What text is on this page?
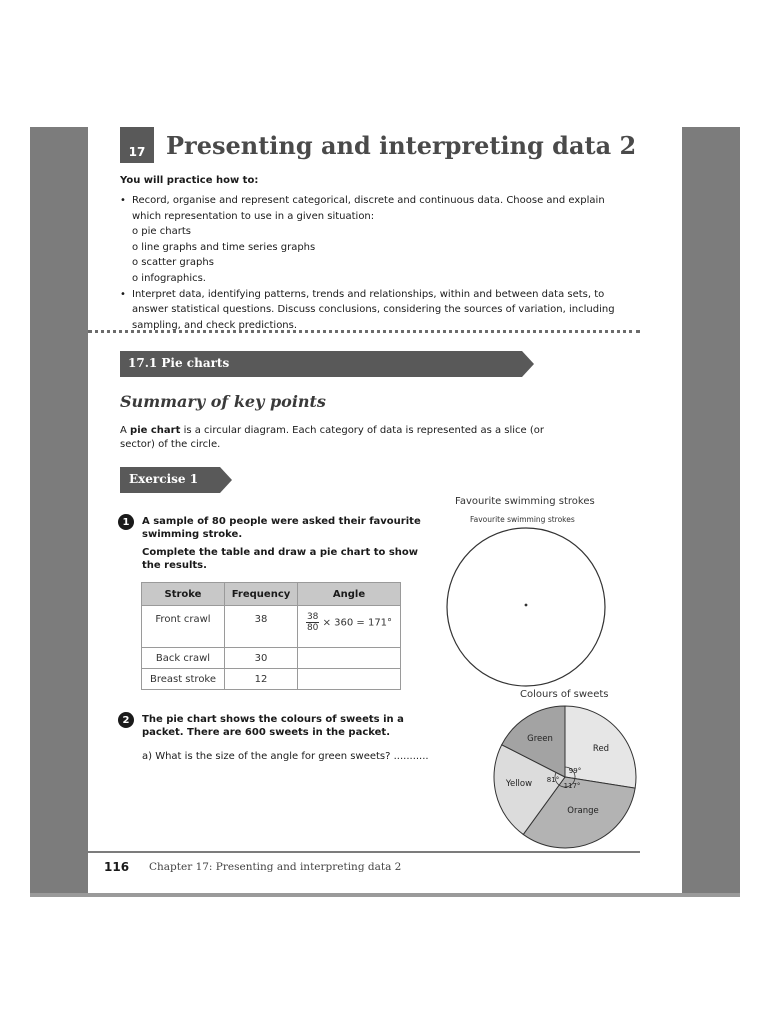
17 Presenting and interpreting data 2
You will practice how to:
• Record, organise and represent categorical, discrete and continuous data. Choose and explain which representation to use in a given situation:
o pie charts
o line graphs and time series graphs
o scatter graphs
o infographics.
• Interpret data, identifying patterns, trends and relationships, within and between data sets, to answer statistical questions. Discuss conclusions, considering the sources of variation, including sampling, and check predictions.
17.1 Pie charts
Summary of key points
A pie chart is a circular diagram. Each category of data is represented as a slice (or sector) of the circle.
Exercise 1
1	A sample of 80 people were asked their favourite swimming stroke.
Complete the table and draw a pie chart to show the results.
Stroke	Frequency	Angle
Front crawl	38	$\frac{38}{80} \times 360 = 171^\circ$
Back crawl	30	
Breast stroke	12	
2	The pie chart shows the colours of sweets in a packet. There are 600 sweets in the packet.
a) What is the size of the angle for green sweets? ...........
Favourite swimming strokes
Favourite swimming strokes
Colours of sweets
Red
99°
Orange
117°
Yellow 81°
Green
116 Chapter 17: Presenting and interpreting data 2
